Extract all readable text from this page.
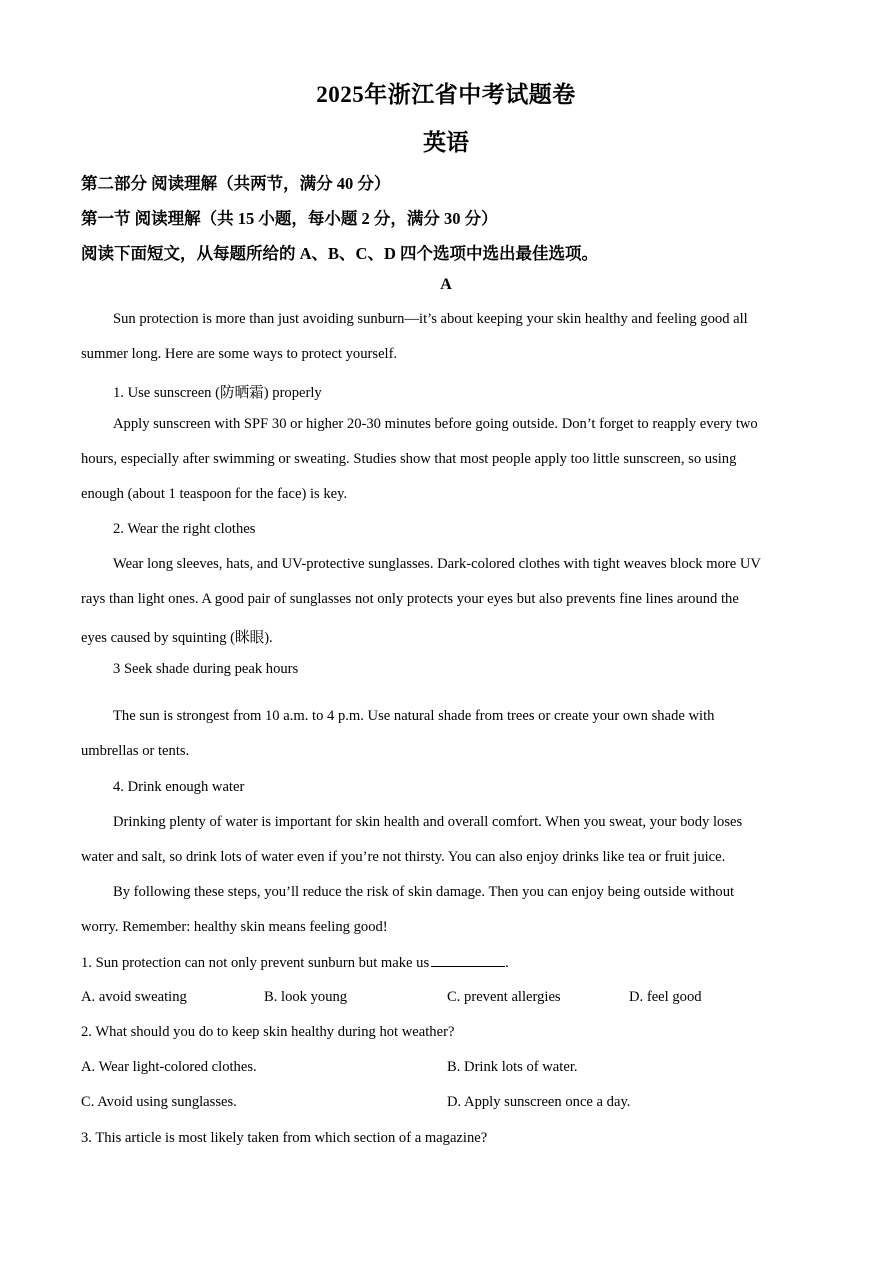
2025年浙江省中考试题卷
英语
第二部分 阅读理解（共两节，满分 40 分）
第一节 阅读理解（共 15 小题，每小题 2 分，满分 30 分）
阅读下面短文，从每题所给的 A、B、C、D 四个选项中选出最佳选项。
A
Sun protection is more than just avoiding sunburn—it’s about keeping your skin healthy and feeling good all
summer long. Here are some ways to protect yourself.
1. Use sunscreen (防晒霜) properly
Apply sunscreen with SPF 30 or higher 20-30 minutes before going outside. Don’t forget to reapply every two
hours, especially after swimming or sweating. Studies show that most people apply too little sunscreen, so using
enough (about 1 teaspoon for the face) is key.
2. Wear the right clothes
Wear long sleeves, hats, and UV-protective sunglasses. Dark-colored clothes with tight weaves block more UV
rays than light ones. A good pair of sunglasses not only protects your eyes but also prevents fine lines around the
eyes caused by squinting (眯眼).
3 Seek shade during peak hours
The sun is strongest from 10 a.m. to 4 p.m. Use natural shade from trees or create your own shade with
umbrellas or tents.
4. Drink enough water
Drinking plenty of water is important for skin health and overall comfort. When you sweat, your body loses
water and salt, so drink lots of water even if you’re not thirsty. You can also enjoy drinks like tea or fruit juice.
By following these steps, you’ll reduce the risk of skin damage. Then you can enjoy being outside without
worry. Remember: healthy skin means feeling good!
1. Sun protection can not only prevent sunburn but make us	.
A. avoid sweating	B. look young	C. prevent allergies	D. feel good
2. What should you do to keep skin healthy during hot weather?
A. Wear light-colored clothes.	B. Drink lots of water.
C. Avoid using sunglasses.	D. Apply sunscreen once a day.
3. This article is most likely taken from which section of a magazine?
